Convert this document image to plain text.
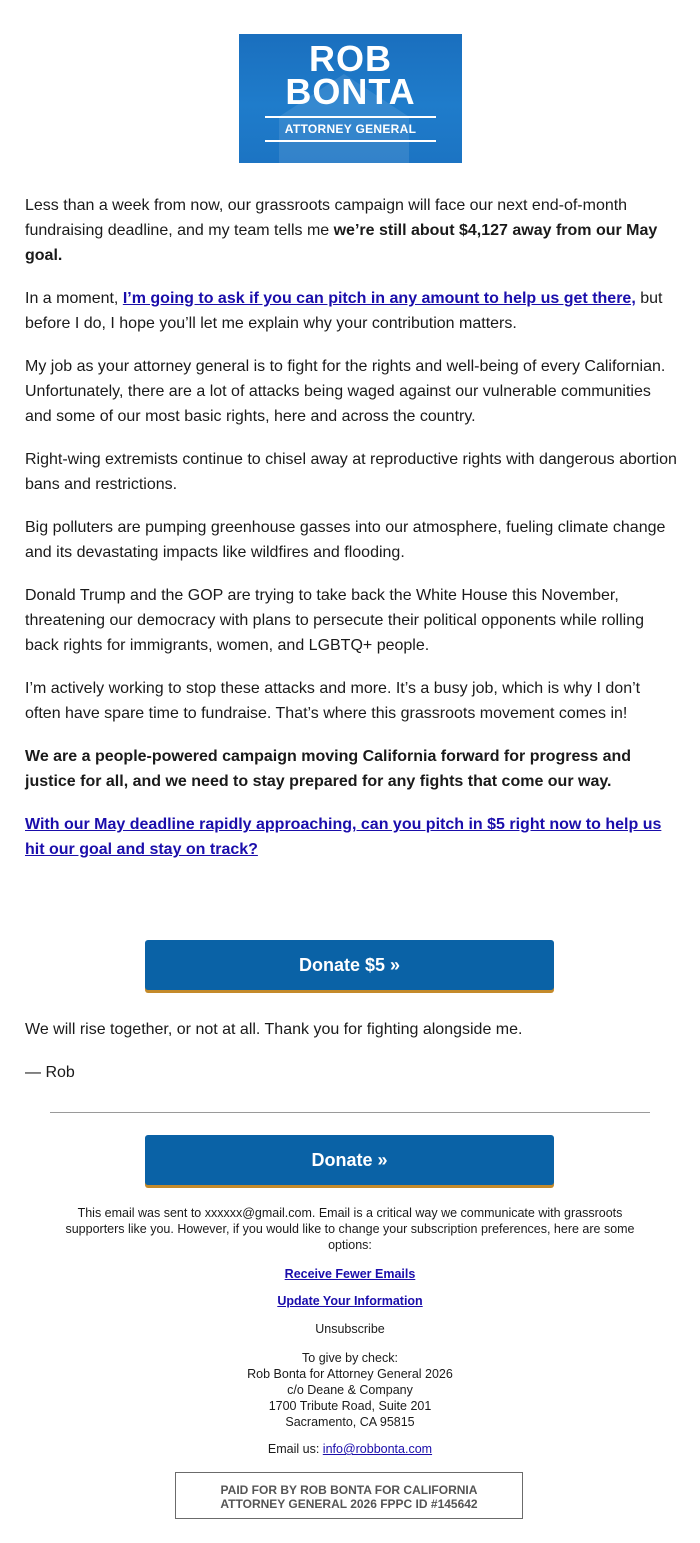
ROB
BONTA
ATTORNEY GENERAL

Less than a week from now, our grassroots campaign will face our next end-of-month fundraising deadline, and my team tells me we’re still about $4,127 away from our May goal.

In a moment, I’m going to ask if you can pitch in any amount to help us get there, but before I do, I hope you’ll let me explain why your contribution matters.

My job as your attorney general is to fight for the rights and well-being of every Californian. Unfortunately, there are a lot of attacks being waged against our vulnerable communities and some of our most basic rights, here and across the country.

Right-wing extremists continue to chisel away at reproductive rights with dangerous abortion bans and restrictions.

Big polluters are pumping greenhouse gasses into our atmosphere, fueling climate change and its devastating impacts like wildfires and flooding.

Donald Trump and the GOP are trying to take back the White House this November, threatening our democracy with plans to persecute their political opponents while rolling back rights for immigrants, women, and LGBTQ+ people.

I’m actively working to stop these attacks and more. It’s a busy job, which is why I don’t often have spare time to fundraise. That’s where this grassroots movement comes in!

We are a people-powered campaign moving California forward for progress and justice for all, and we need to stay prepared for any fights that come our way.

With our May deadline rapidly approaching, can you pitch in $5 right now to help us hit our goal and stay on track?

Donate $5 »

We will rise together, or not at all. Thank you for fighting alongside me.

— Rob

Donate »
This email was sent to xxxxxx@gmail.com. Email is a critical way we communicate with grassroots supporters like you. However, if you would like to change your subscription preferences, here are some options:
Receive Fewer Emails
Update Your Information
Unsubscribe
To give by check:
Rob Bonta for Attorney General 2026
c/o Deane & Company
1700 Tribute Road, Suite 201
Sacramento, CA 95815
Email us: info@robbonta.com
PAID FOR BY ROB BONTA FOR CALIFORNIA
ATTORNEY GENERAL 2026 FPPC ID #145642
